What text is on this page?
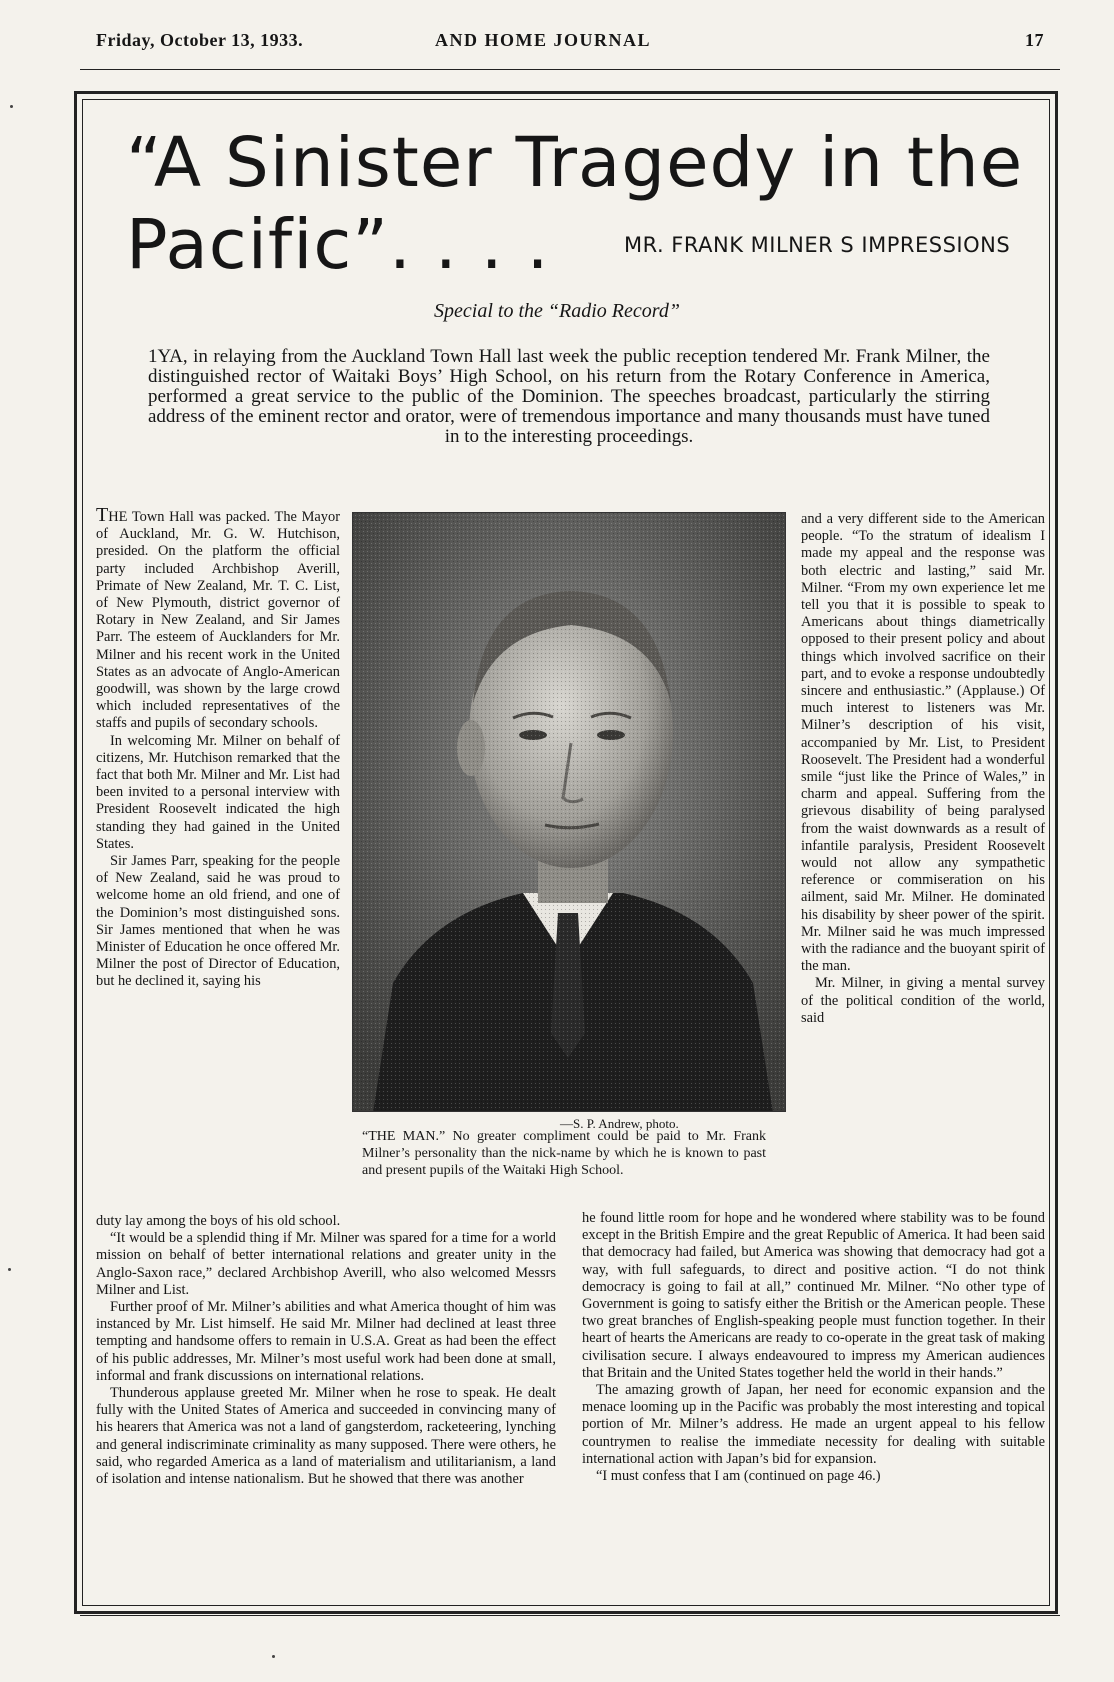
Friday, October 13, 1933.	AND HOME JOURNAL	17
“A Sinister Tragedy in the
Pacific”. . . .	MR. FRANK MILNER S IMPRESSIONS
Special to the “Radio Record”

1YA, in relaying from the Auckland Town Hall last week the public reception tendered Mr. Frank Milner, the distinguished rector of Waitaki Boys’ High School, on his return from the Rotary Conference in America, performed a great service to the public of the Dominion. The speeches broadcast, particularly the stirring address of the eminent rector and orator, were of tremendous importance and many thousands must have tuned in to the interesting proceedings.

THE Town Hall was packed. The Mayor of Auckland, Mr. G. W. Hutchison, presided. On the platform the official party included Archbishop Averill, Primate of New Zealand, Mr. T. C. List, of New Plymouth, district governor of Rotary in New Zealand, and Sir James Parr. The esteem of Aucklanders for Mr. Milner and his recent work in the United States as an advocate of Anglo-American goodwill, was shown by the large crowd which included representatives of the staffs and pupils of secondary schools.

In welcoming Mr. Milner on behalf of citizens, Mr. Hutchison remarked that the fact that both Mr. Milner and Mr. List had been invited to a personal interview with President Roosevelt indicated the high standing they had gained in the United States.

Sir James Parr, speaking for the people of New Zealand, said he was proud to welcome home an old friend, and one of the Dominion’s most distinguished sons. Sir James mentioned that when he was Minister of Education he once offered Mr. Milner the post of Director of Education, but he declined it, saying his

—S. P. Andrew, photo.

“THE MAN.” No greater compliment could be paid to Mr. Frank Milner’s personality than the nick-name by which he is known to past and present pupils of the Waitaki High School.

and a very different side to the American people. “To the stratum of idealism I made my appeal and the response was both electric and lasting,” said Mr. Milner. “From my own experience let me tell you that it is possible to speak to Americans about things diametrically opposed to their present policy and about things which involved sacrifice on their part, and to evoke a response undoubtedly sincere and enthusiastic.” (Applause.) Of much interest to listeners was Mr. Milner’s description of his visit, accompanied by Mr. List, to President Roosevelt. The President had a wonderful smile “just like the Prince of Wales,” in charm and appeal. Suffering from the grievous disability of being paralysed from the waist downwards as a result of infantile paralysis, President Roosevelt would not allow any sympathetic reference or commiseration on his ailment, said Mr. Milner. He dominated his disability by sheer power of the spirit. Mr. Milner said he was much impressed with the radiance and the buoyant spirit of the man.

Mr. Milner, in giving a mental survey of the political condition of the world, said

duty lay among the boys of his old school.

“It would be a splendid thing if Mr. Milner was spared for a time for a world mission on behalf of better international relations and greater unity in the Anglo-Saxon race,” declared Archbishop Averill, who also welcomed Messrs Milner and List.

Further proof of Mr. Milner’s abilities and what America thought of him was instanced by Mr. List himself. He said Mr. Milner had declined at least three tempting and handsome offers to remain in U.S.A. Great as had been the effect of his public addresses, Mr. Milner’s most useful work had been done at small, informal and frank discussions on international relations.

Thunderous applause greeted Mr. Milner when he rose to speak. He dealt fully with the United States of America and succeeded in convincing many of his hearers that America was not a land of gangsterdom, racketeering, lynching and general indiscriminate criminality as many supposed. There were others, he said, who regarded America as a land of materialism and utilitarianism, a land of isolation and intense nationalism. But he showed that there was another

he found little room for hope and he wondered where stability was to be found except in the British Empire and the great Republic of America. It had been said that democracy had failed, but America was showing that democracy had got a way, with full safeguards, to direct and positive action. “I do not think democracy is going to fail at all,” continued Mr. Milner. “No other type of Government is going to satisfy either the British or the American people. These two great branches of English-speaking people must function together. In their heart of hearts the Americans are ready to co-operate in the great task of making civilisation secure. I always endeavoured to impress my American audiences that Britain and the United States together held the world in their hands.”

The amazing growth of Japan, her need for economic expansion and the menace looming up in the Pacific was probably the most interesting and topical portion of Mr. Milner’s address. He made an urgent appeal to his fellow countrymen to realise the immediate necessity for dealing with suitable international action with Japan’s bid for expansion.

“I must confess that I am (continued on page 46.)
